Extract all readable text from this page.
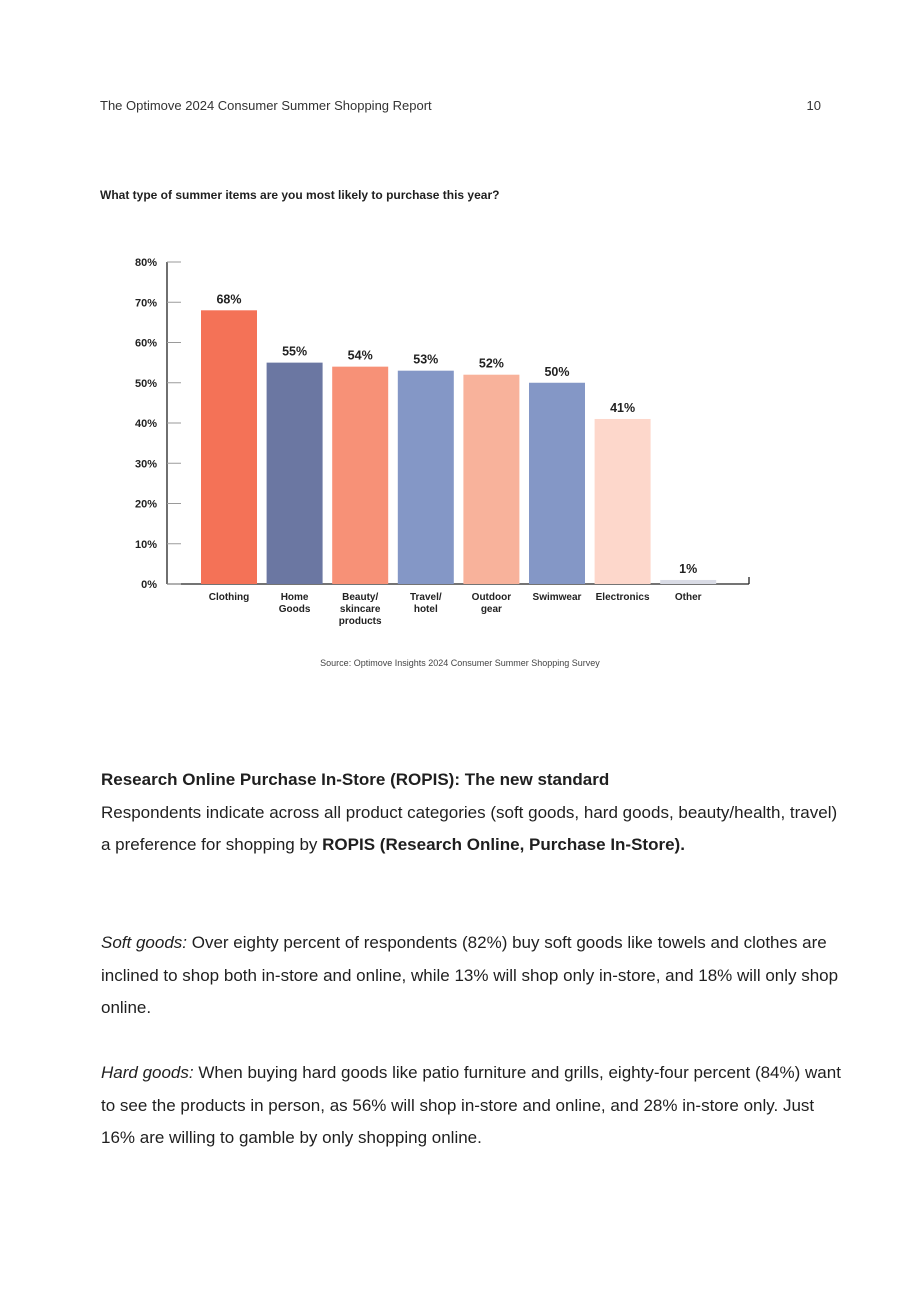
The Optimove 2024 Consumer Summer Shopping Report	10
What type of summer items are you most likely to purchase this year?
0%
10%
20%
30%
40%
50%
60%
70%
80%
68%
Clothing
55%
Home Goods
54%
Beauty/ skincare products
53%
Travel/ hotel
52%
Outdoor gear
50%
Swimwear
41%
Electronics
1%
Other
Source: Optimove Insights 2024 Consumer Summer Shopping Survey

Research Online Purchase In-Store (ROPIS): The new standard

Respondents indicate across all product categories (soft goods, hard goods, beauty/health, travel) a preference for shopping by ROPIS (Research Online, Purchase In-Store).

Soft goods: Over eighty percent of respondents (82%) buy soft goods like towels and clothes are inclined to shop both in-store and online, while 13% will shop only in-store, and 18% will only shop online.

Hard goods: When buying hard goods like patio furniture and grills, eighty-four percent (84%) want to see the products in person, as 56% will shop in-store and online, and 28% in-store only. Just 16% are willing to gamble by only shopping online.
